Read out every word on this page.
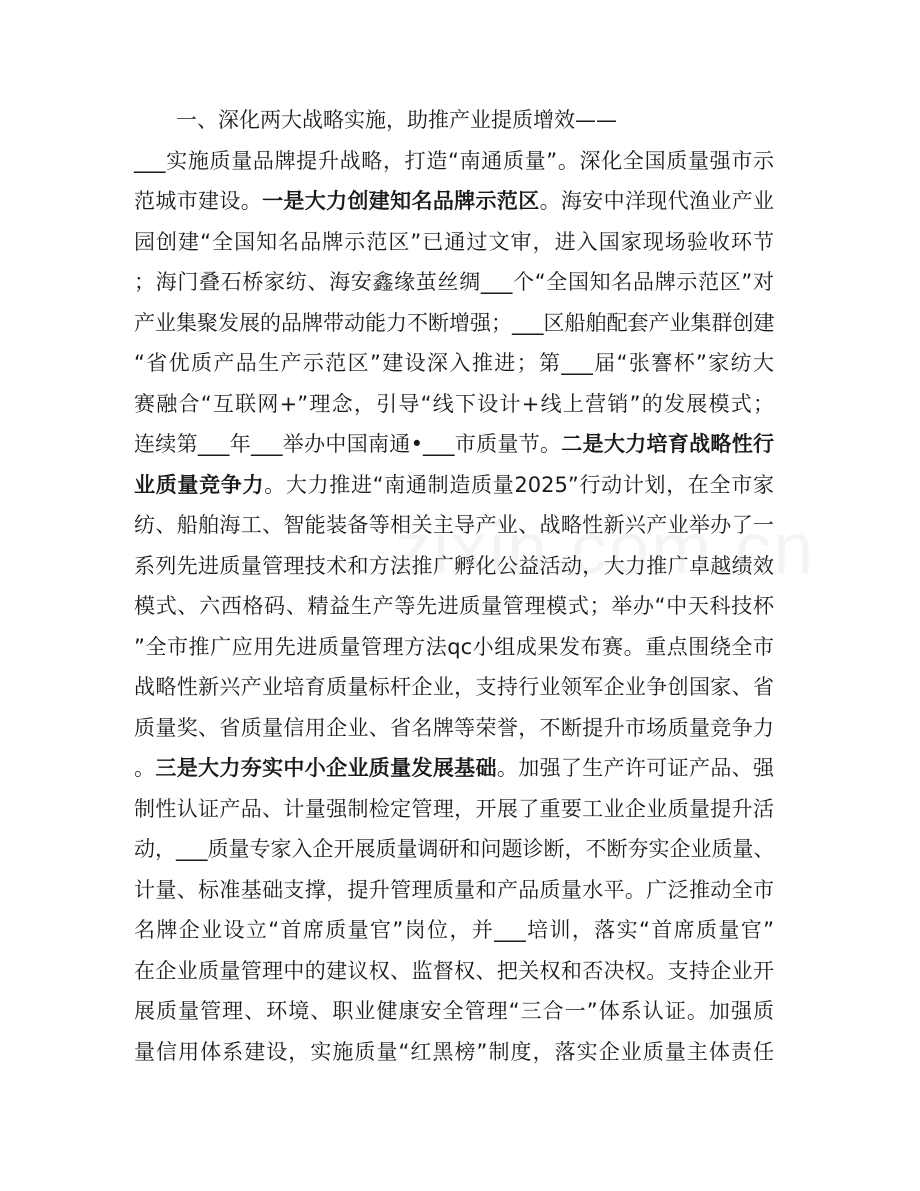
一、深化两大战略实施，助推产业提质增效——
___实施质量品牌提升战略，打造“南通质量”。深化全国质量强市示
范城市建设。一是大力创建知名品牌示范区。海安中洋现代渔业产业
园创建“全国知名品牌示范区”已通过文审，进入国家现场验收环节
；海门叠石桥家纺、海安鑫缘茧丝绸___个“全国知名品牌示范区”对
产业集聚发展的品牌带动能力不断增强；___区船舶配套产业集群创建
“省优质产品生产示范区”建设深入推进；第___届“张謇杯”家纺大
赛融合“互联网+”理念，引导“线下设计+线上营销”的发展模式；
连续第___年___举办中国南通•___市质量节。二是大力培育战略性行
业质量竞争力。大力推进“南通制造质量2025”行动计划，在全市家
纺、船舶海工、智能装备等相关主导产业、战略性新兴产业举办了一
系列先进质量管理技术和方法推广孵化公益活动，大力推广卓越绩效
模式、六西格码、精益生产等先进质量管理模式；举办“中天科技杯
”全市推广应用先进质量管理方法qc小组成果发布赛。重点围绕全市
战略性新兴产业培育质量标杆企业，支持行业领军企业争创国家、省
质量奖、省质量信用企业、省名牌等荣誉，不断提升市场质量竞争力
。三是大力夯实中小企业质量发展基础。加强了生产许可证产品、强
制性认证产品、计量强制检定管理，开展了重要工业企业质量提升活
动，___质量专家入企开展质量调研和问题诊断，不断夯实企业质量、
计量、标准基础支撑，提升管理质量和产品质量水平。广泛推动全市
名牌企业设立“首席质量官”岗位，并___培训，落实“首席质量官”
在企业质量管理中的建议权、监督权、把关权和否决权。支持企业开
展质量管理、环境、职业健康安全管理“三合一”体系认证。加强质
量信用体系建设，实施质量“红黑榜”制度，落实企业质量主体责任
